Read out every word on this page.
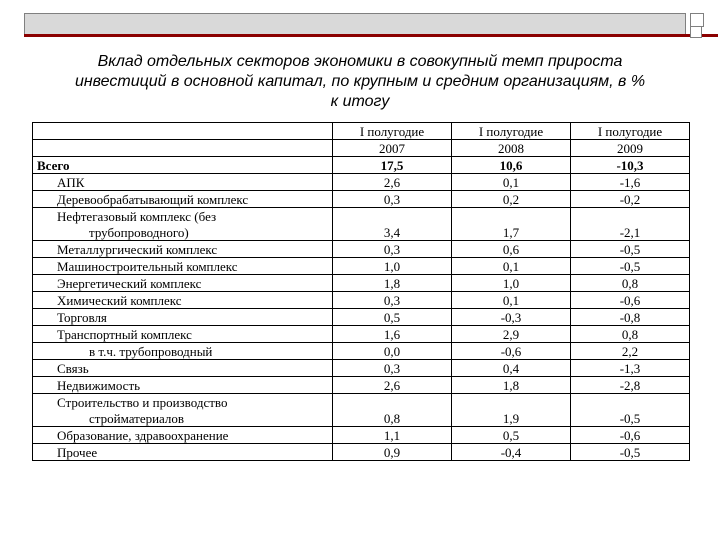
Вклад отдельных секторов экономики в совокупный темп прироста
инвестиций в основной капитал, по крупным и средним организациям, в %
к итогу
	I полугодие	I полугодие	I полугодие
	2007	2008	2009
Всего	17,5	10,6	-10,3
АПК	2,6	0,1	-1,6
Деревообрабатывающий комплекс	0,3	0,2	-0,2
Нефтегазовый комплекс (без			
трубопроводного)	3,4	1,7	-2,1
Металлургический комплекс	0,3	0,6	-0,5
Машиностроительный комплекс	1,0	0,1	-0,5
Энергетический комплекс	1,8	1,0	0,8
Химический комплекс	0,3	0,1	-0,6
Торговля	0,5	-0,3	-0,8
Транспортный комплекс	1,6	2,9	0,8
в т.ч. трубопроводный	0,0	-0,6	2,2
Связь	0,3	0,4	-1,3
Недвижимость	2,6	1,8	-2,8
Строительство и производство			
стройматериалов	0,8	1,9	-0,5
Образование, здравоохранение	1,1	0,5	-0,6
Прочее	0,9	-0,4	-0,5
